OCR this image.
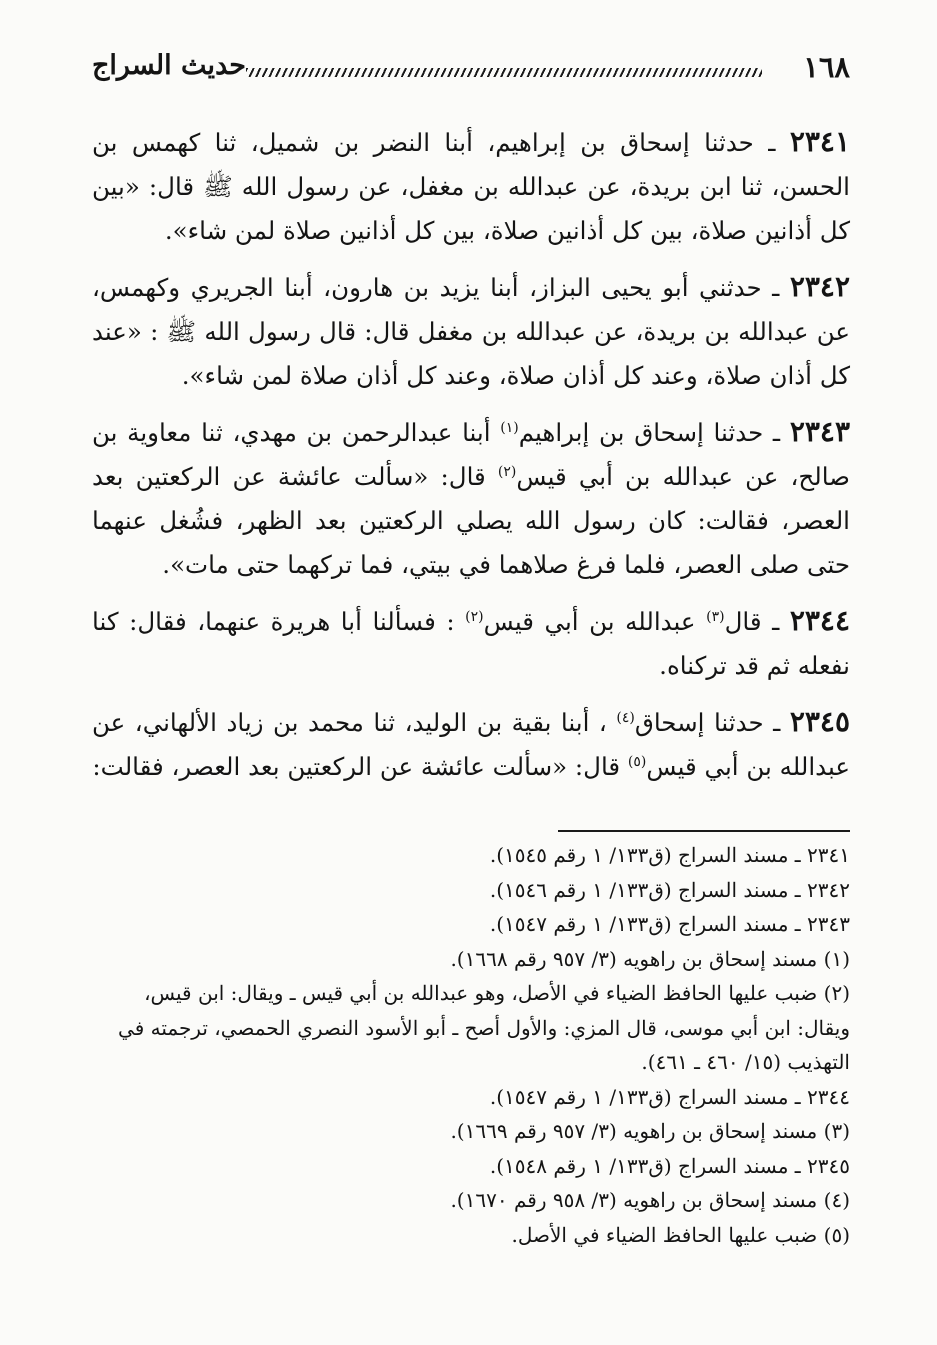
١٦٨
حديث السراج

٢٣٤١ ـ حدثنا إسحاق بن إبراهيم، أبنا النضر بن شميل، ثنا كهمس بن الحسن، ثنا ابن بريدة، عن عبدالله بن مغفل، عن رسول الله ﷺ قال: «بين كل أذانين صلاة، بين كل أذانين صلاة، بين كل أذانين صلاة لمن شاء».

٢٣٤٢ ـ حدثني أبو يحيى البزاز، أبنا يزيد بن هارون، أبنا الجريري وكهمس، عن عبدالله بن بريدة، عن عبدالله بن مغفل قال: قال رسول الله ﷺ : «عند كل أذان صلاة، وعند كل أذان صلاة، وعند كل أذان صلاة لمن شاء».

٢٣٤٣ ـ حدثنا إسحاق بن إبراهيم$^{(١)}$ أبنا عبدالرحمن بن مهدي، ثنا معاوية بن صالح، عن عبدالله بن أبي قيس$^{(٢)}$ قال: «سألت عائشة عن الركعتين بعد العصر، فقالت: كان رسول الله يصلي الركعتين بعد الظهر، فشُغل عنهما حتى صلى العصر، فلما فرغ صلاهما في بيتي، فما تركهما حتى مات».

٢٣٤٤ ـ قال$^{(٣)}$ عبدالله بن أبي قيس$^{(٢)}$ : فسألنا أبا هريرة عنهما، فقال: كنا نفعله ثم قد تركناه.

٢٣٤٥ ـ حدثنا إسحاق$^{(٤)}$ ، أبنا بقية بن الوليد، ثنا محمد بن زياد الألهاني، عن عبدالله بن أبي قيس$^{(٥)}$ قال: «سألت عائشة عن الركعتين بعد العصر، فقالت:

٢٣٤١ ـ مسند السراج (ق١٣٣/ ١ رقم ١٥٤٥).

٢٣٤٢ ـ مسند السراج (ق١٣٣/ ١ رقم ١٥٤٦).

٢٣٤٣ ـ مسند السراج (ق١٣٣/ ١ رقم ١٥٤٧).

(١) مسند إسحاق بن راهويه (٣/ ٩٥٧ رقم ١٦٦٨).

(٢) ضبب عليها الحافظ الضياء في الأصل، وهو عبدالله بن أبي قيس ـ ويقال: ابن قيس، ويقال: ابن أبي موسى، قال المزي: والأول أصح ـ أبو الأسود النصري الحمصي، ترجمته في التهذيب (١٥/ ٤٦٠ ـ ٤٦١).

٢٣٤٤ ـ مسند السراج (ق١٣٣/ ١ رقم ١٥٤٧).

(٣) مسند إسحاق بن راهويه (٣/ ٩٥٧ رقم ١٦٦٩).

٢٣٤٥ ـ مسند السراج (ق١٣٣/ ١ رقم ١٥٤٨).

(٤) مسند إسحاق بن راهويه (٣/ ٩٥٨ رقم ١٦٧٠).

(٥) ضبب عليها الحافظ الضياء في الأصل.
